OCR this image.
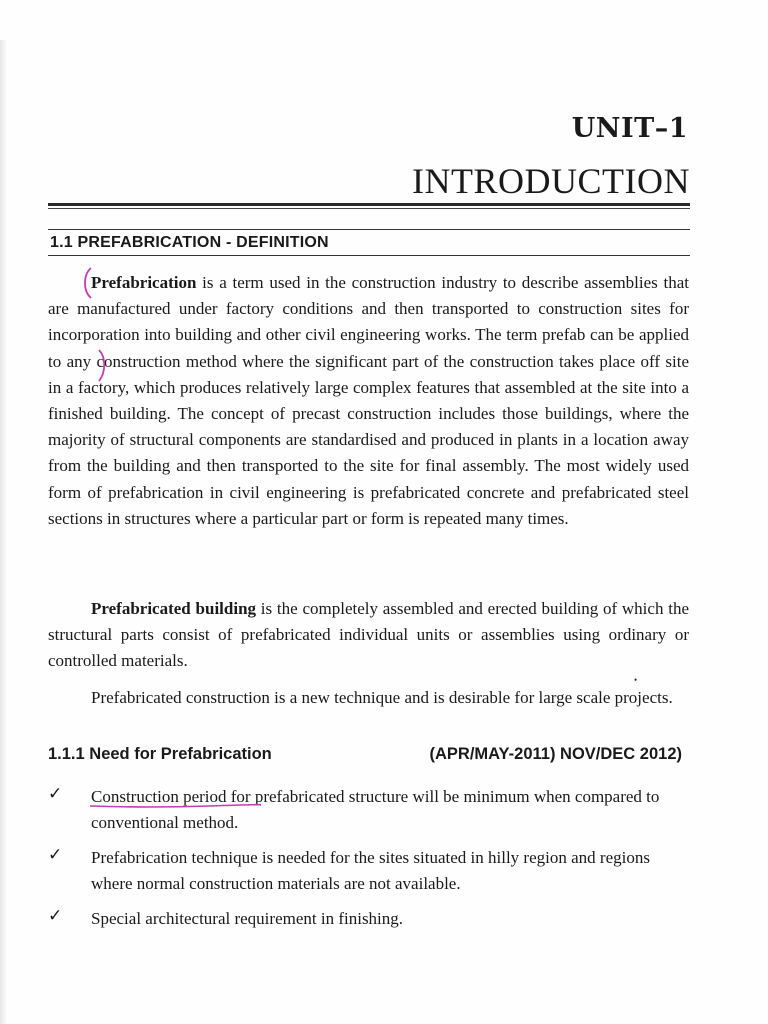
UNIT–1
INTRODUCTION
1.1 PREFABRICATION - DEFINITION

Prefabrication is a term used in the construction industry to describe assemblies that are manufactured under factory conditions and then transported to construction sites for incorporation into building and other civil engineering works. The term prefab can be applied to any construction method where the significant part of the construction takes place off site in a factory, which produces relatively large complex features that assembled at the site into a finished building. The concept of precast construction includes those buildings, where the majority of structural components are standardised and produced in plants in a location away from the building and then transported to the site for final assembly. The most widely used form of prefabrication in civil engineering is prefabricated concrete and prefabricated steel sections in structures where a particular part or form is repeated many times.

Prefabricated building is the completely assembled and erected building of which the structural parts consist of prefabricated individual units or assemblies using ordinary or controlled materials.

•

Prefabricated construction is a new technique and is desirable for large scale projects.

1.1.1 Need for Prefabrication	(APR/MAY-2011) NOV/DEC 2012)
✓ Construction period for prefabricated structure will be minimum when compared to conventional method.
✓ Prefabrication technique is needed for the sites situated in hilly region and regions where normal construction materials are not available.
✓ Special architectural requirement in finishing.
